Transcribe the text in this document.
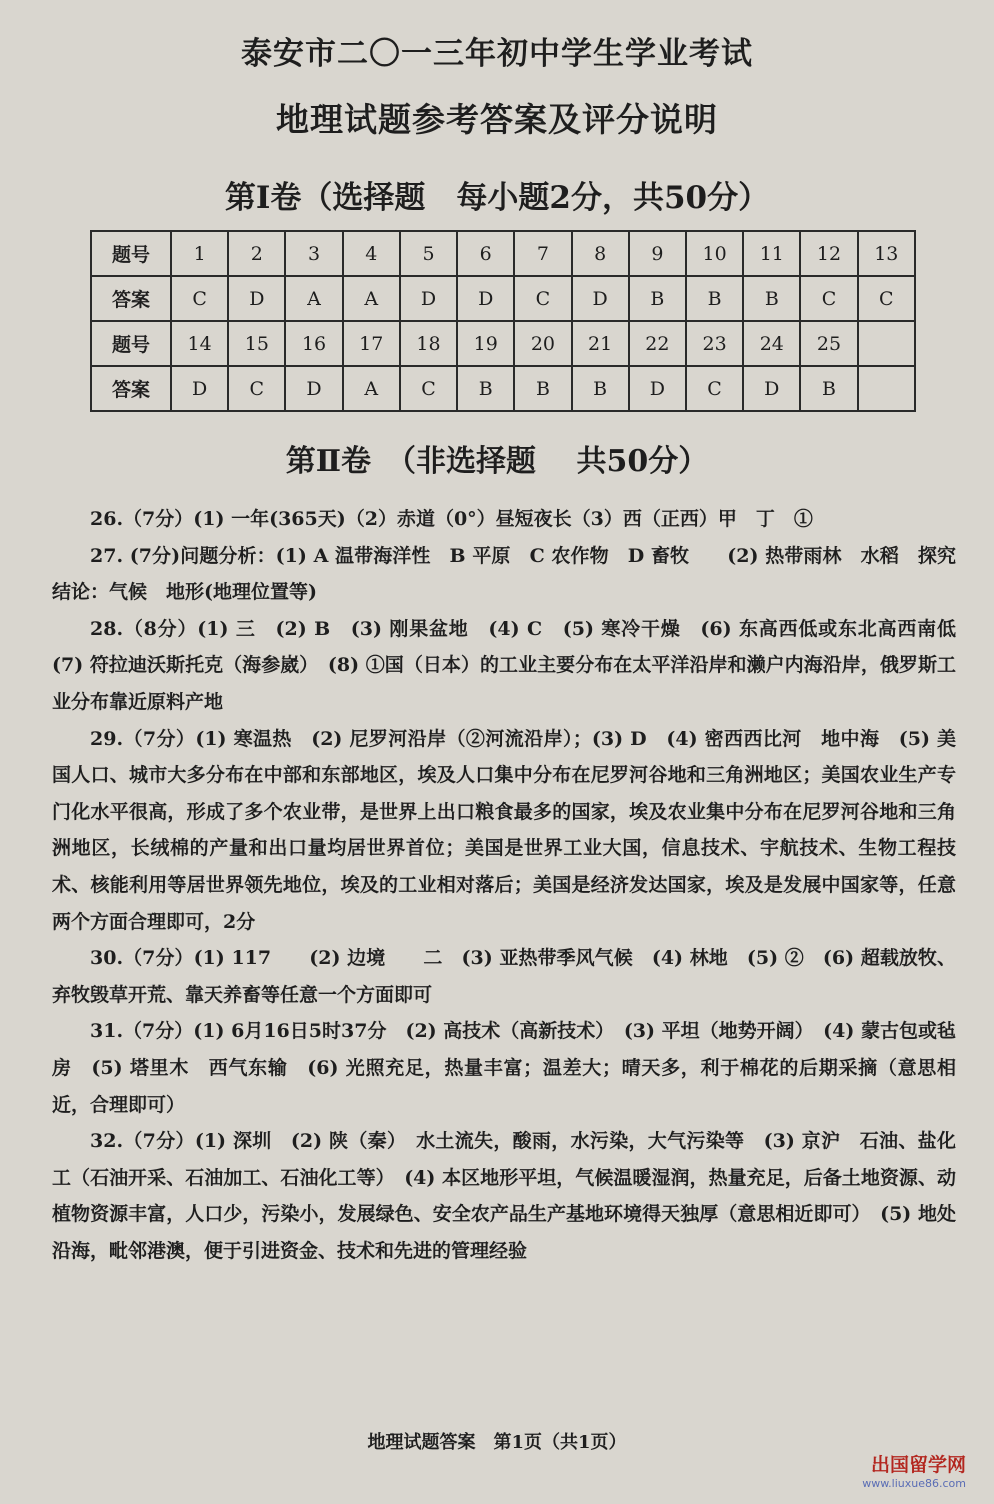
泰安市二〇一三年初中学生学业考试
地理试题参考答案及评分说明
第Ⅰ卷（选择题　每小题2分，共50分）
题号	1	2	3	4	5	6	7	8	9	10	11	12	13
答案	C	D	A	A	D	D	C	D	B	B	B	C	C
题号	14	15	16	17	18	19	20	21	22	23	24	25	
答案	D	C	D	A	C	B	B	B	D	C	D	B	
第Ⅱ卷　（非选择题　 共50分）

26.（7分）(1) 一年(365天)（2）赤道（0°）昼短夜长（3）西（正西）甲　丁　①

27. (7分)问题分析：(1) A 温带海洋性　B 平原　C 农作物　D 畜牧　　(2) 热带雨林　水稻　探究结论：气候　地形(地理位置等)

28.（8分）(1) 三　(2) B　(3) 刚果盆地　(4) C　(5) 寒冷干燥　(6) 东高西低或东北高西南低　(7) 符拉迪沃斯托克（海参崴）　(8) ①国（日本）的工业主要分布在太平洋沿岸和濑户内海沿岸，俄罗斯工业分布靠近原料产地

29.（7分）(1) 寒温热　(2) 尼罗河沿岸（②河流沿岸）；(3) D　(4) 密西西比河　地中海　(5) 美国人口、城市大多分布在中部和东部地区，埃及人口集中分布在尼罗河谷地和三角洲地区；美国农业生产专门化水平很高，形成了多个农业带，是世界上出口粮食最多的国家，埃及农业集中分布在尼罗河谷地和三角洲地区，长绒棉的产量和出口量均居世界首位；美国是世界工业大国，信息技术、宇航技术、生物工程技术、核能利用等居世界领先地位，埃及的工业相对落后；美国是经济发达国家，埃及是发展中国家等，任意两个方面合理即可，2分

30.（7分）(1) 117　　(2) 边境　　二　(3) 亚热带季风气候　(4) 林地　(5) ②　(6) 超载放牧、弃牧毁草开荒、靠天养畜等任意一个方面即可

31.（7分）(1) 6月16日5时37分　(2) 高技术（高新技术）　(3) 平坦（地势开阔）　(4) 蒙古包或毡房　(5) 塔里木　西气东输　(6) 光照充足，热量丰富；温差大；晴天多，利于棉花的后期采摘（意思相近，合理即可）

32.（7分）(1) 深圳　(2) 陕（秦）　水土流失，酸雨，水污染，大气污染等　(3) 京沪　石油、盐化工（石油开采、石油加工、石油化工等）　(4) 本区地形平坦，气候温暖湿润，热量充足，后备土地资源、动植物资源丰富，人口少，污染小，发展绿色、安全农产品生产基地环境得天独厚（意思相近即可）　(5) 地处沿海，毗邻港澳，便于引进资金、技术和先进的管理经验

地理试题答案　第1页（共1页）
出国留学网
www.liuxue86.com
